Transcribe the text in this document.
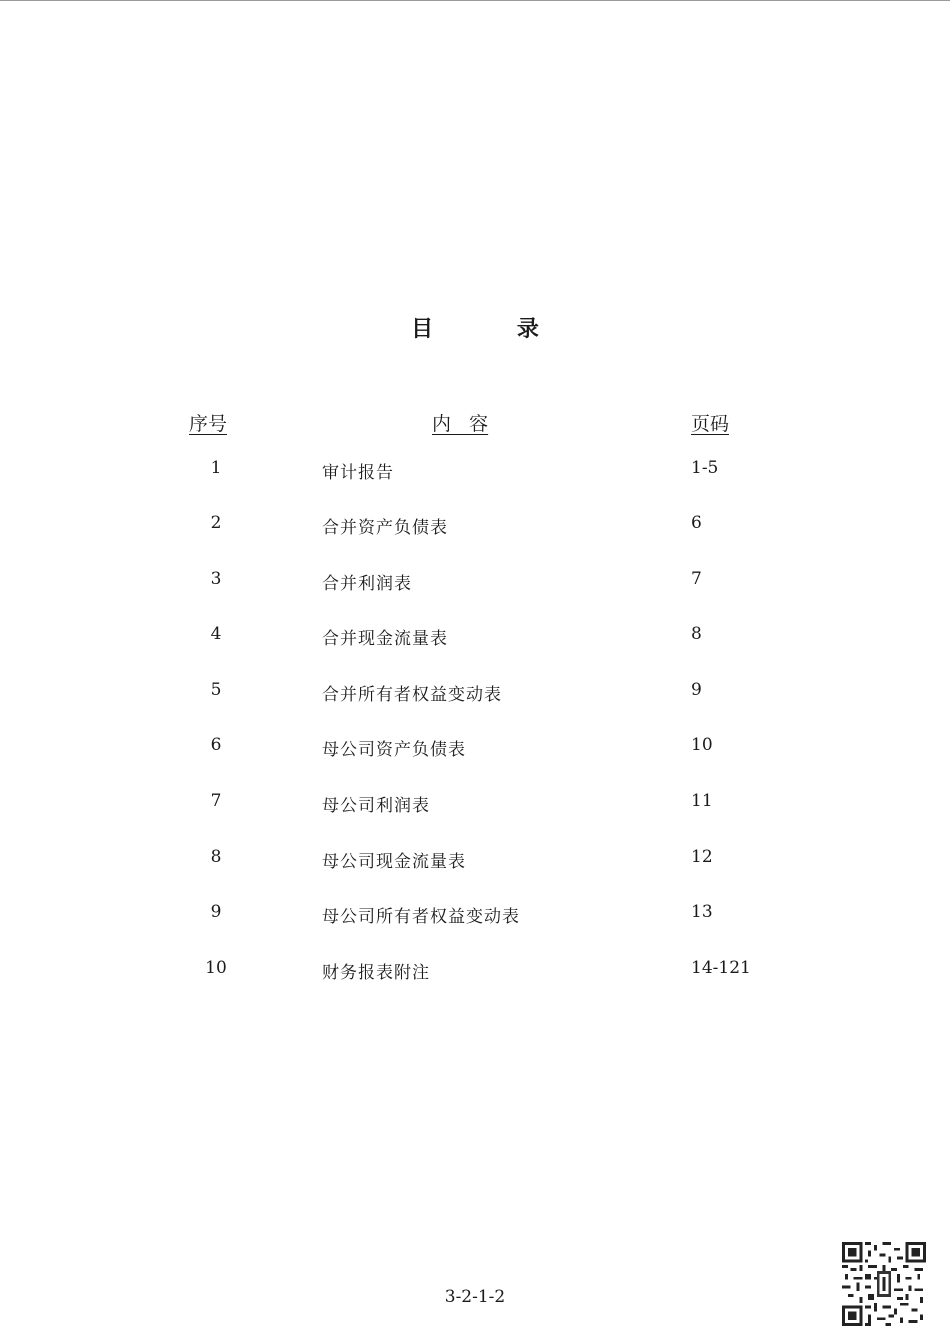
目 录
序号	内   容	页码
1	审计报告	1-5
2	合并资产负债表	6
3	合并利润表	7
4	合并现金流量表	8
5	合并所有者权益变动表	9
6	母公司资产负债表	10
7	母公司利润表	11
8	母公司现金流量表	12
9	母公司所有者权益变动表	13
10	财务报表附注	14-121
3-2-1-2
